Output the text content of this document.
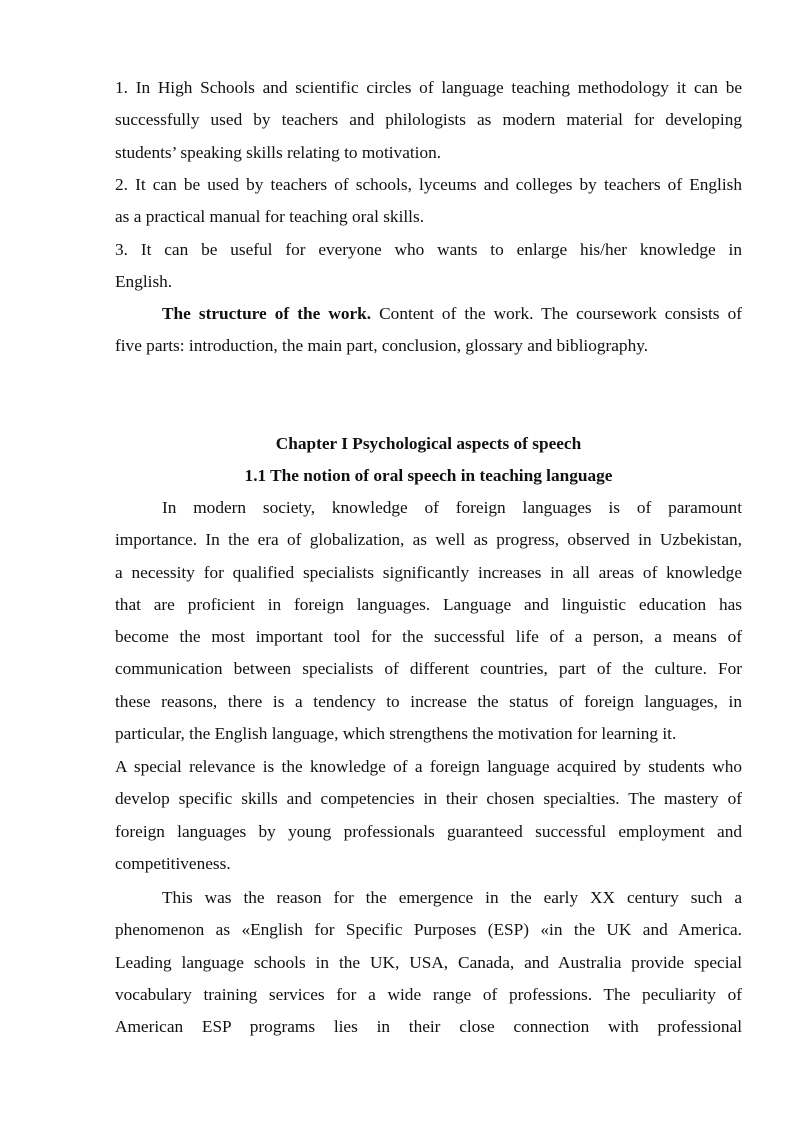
1. In High Schools and scientific circles of language teaching methodology it can be
successfully used by teachers and philologists as modern material for developing
students’ speaking skills relating to motivation.
2. It can be used by teachers of schools, lyceums and colleges by teachers of English
as a practical manual for teaching oral skills.
3. It can be useful for everyone who wants to enlarge his/her knowledge in
English.
The structure of the work. Content of the work. The coursework consists of
five parts: introduction, the main part, conclusion, glossary and bibliography.
Chapter I Psychological aspects of speech
1.1 The notion of oral speech in teaching language
In modern society, knowledge of foreign languages is of paramount
importance. In the era of globalization, as well as progress, observed in Uzbekistan,
a necessity for qualified specialists significantly increases in all areas of knowledge
that are proficient in foreign languages. Language and linguistic education has
become the most important tool for the successful life of a person, a means of
communication between specialists of different countries, part of the culture. For
these reasons, there is a tendency to increase the status of foreign languages, in
particular, the English language, which strengthens the motivation for learning it.
A special relevance is the knowledge of a foreign language acquired by students who
develop specific skills and competencies in their chosen specialties. The mastery of
foreign languages by young professionals guaranteed successful employment and
competitiveness.
This was the reason for the emergence in the early XX century such a
phenomenon as «English for Specific Purposes (ESP) «in the UK and America.
Leading language schools in the UK, USA, Canada, and Australia provide special
vocabulary training services for a wide range of professions. The peculiarity of
American ESP programs lies in their close connection with professional
